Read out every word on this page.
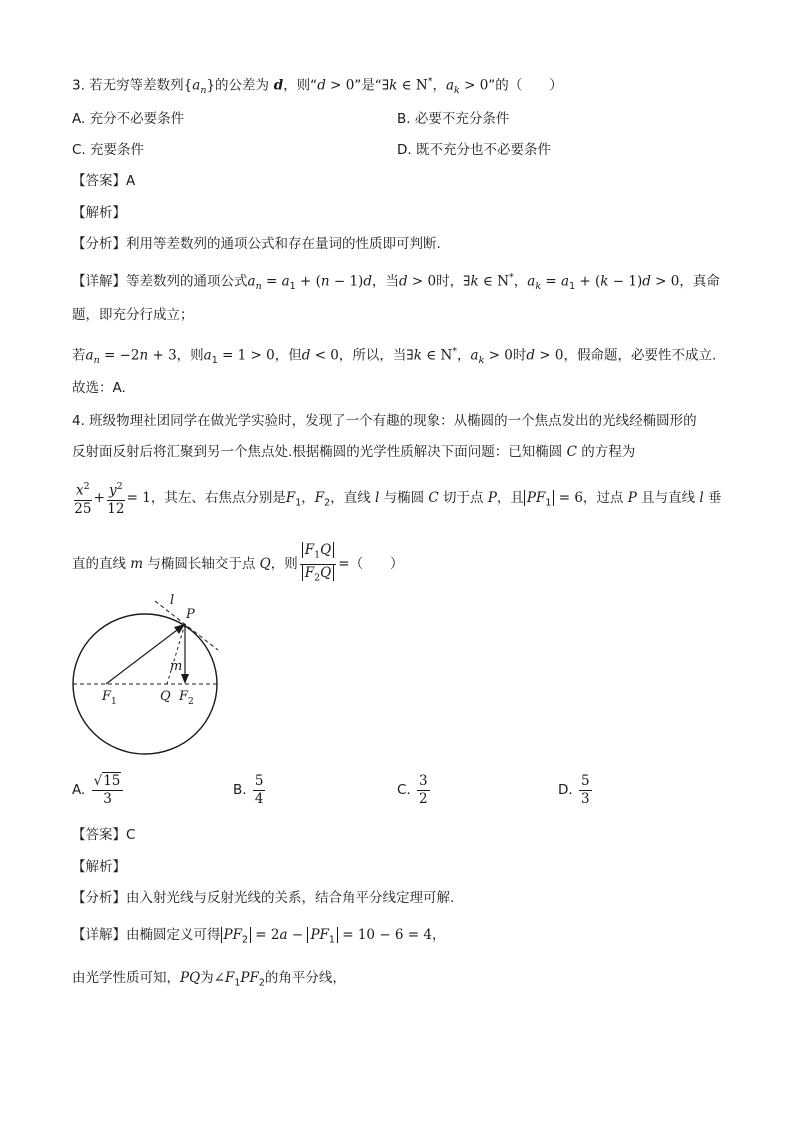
3. 若无穷等差数列$\{a_n\}$的公差为 d，则“d > 0”是“∃k ∈ N*，$a_k > 0$”的（　　）
A. 充分不必要条件	B. 必要不充分条件
C. 充要条件	D. 既不充分也不必要条件
【答案】A
【解析】
【分析】利用等差数列的通项公式和存在量词的性质即可判断.
【详解】等差数列的通项公式$a_n = a_1 + (n - 1)d$，当d > 0时，∃k ∈ N*，$a_k = a_1 + (k - 1)d > 0$，真命
题，即充分行成立；
若$a_n = -2n + 3$，则$a_1 = 1 > 0$，但d < 0，所以，当∃k ∈ N*，$a_k > 0$时d > 0，假命题，必要性不成立.
故选：A.
4. 班级物理社团同学在做光学实验时，发现了一个有趣的现象：从椭圆的一个焦点发出的光线经椭圆形的
反射面反射后将汇聚到另一个焦点处.根据椭圆的光学性质解决下面问题：已知椭圆 C 的方程为
$\frac{x^2}{25} + \frac{y^2}{12} = 1$，其左、右焦点分别是$F_1$，$F_2$，直线 l 与椭圆 C 切于点 P，且 $PF_1 = 6$，过点 P 且与直线 l 垂
直的直线 m 与椭圆长轴交于点 Q，则 $\frac{F_1Q}{F_2Q}$ =（　　）
l
P
m
F 1	Q F 2
A. $\frac{√15}{3}$	B. $\frac{5}{4}$	C. $\frac{3}{2}$	D. $\frac{5}{3}$
【答案】C
【解析】
【分析】由入射光线与反射光线的关系，结合角平分线定理可解.
【详解】由椭圆定义可得 $PF_2 = 2a - PF_1 = 10 - 6 = 4$，
由光学性质可知，PQ为$\angle F_1PF_2$的角平分线，
